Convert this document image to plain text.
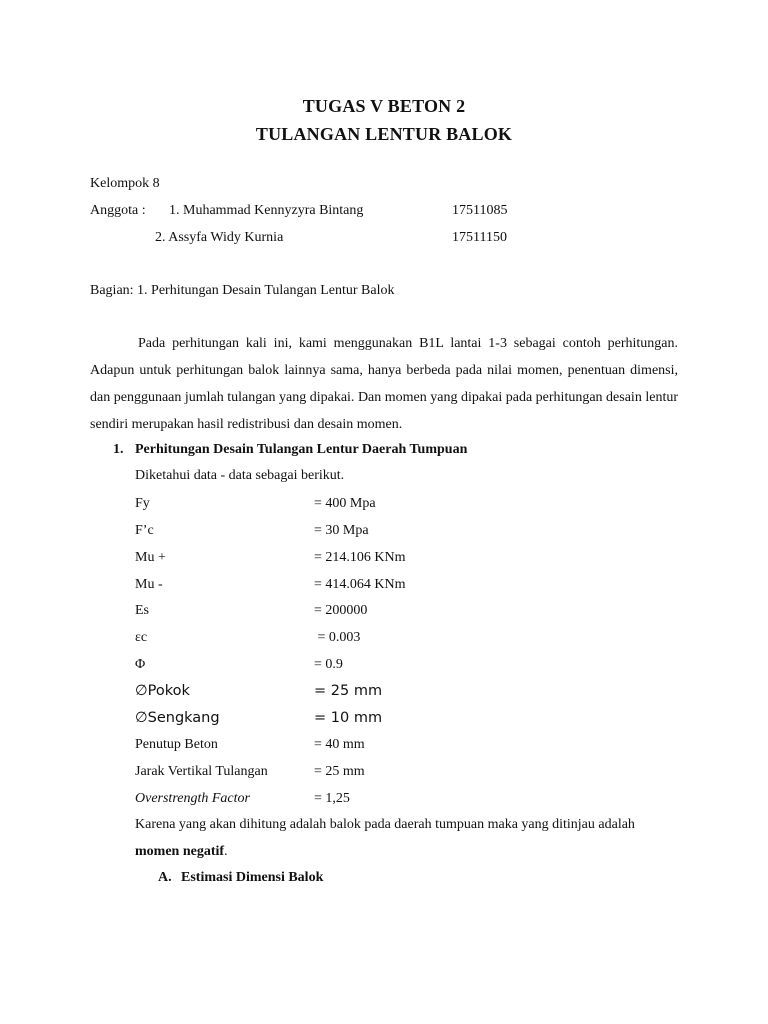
TUGAS V BETON 2
TULANGAN LENTUR BALOK
Kelompok 8
Anggota : 1. Muhammad Kennyzyra Bintang	17511085
2. Assyfa Widy Kurnia	17511150
Bagian: 1. Perhitungan Desain Tulangan Lentur Balok
Pada perhitungan kali ini, kami menggunakan B1L lantai 1-3 sebagai contoh perhitungan. Adapun untuk perhitungan balok lainnya sama, hanya berbeda pada nilai momen, penentuan dimensi, dan penggunaan jumlah tulangan yang dipakai. Dan momen yang dipakai pada perhitungan desain lentur sendiri merupakan hasil redistribusi dan desain momen.
1. Perhitungan Desain Tulangan Lentur Daerah Tumpuan
Diketahui data - data sebagai berikut.
Fy	= 400 Mpa
F’c	= 30 Mpa
Mu +	= 214.106 KNm
Mu -	= 414.064 KNm
Es	= 200000
εc	= 0.003
Φ	= 0.9
∅Pokok	= 25 mm
∅Sengkang	= 10 mm
Penutup Beton	= 40 mm
Jarak Vertikal Tulangan	= 25 mm
Overstrength Factor	= 1,25
Karena yang akan dihitung adalah balok pada daerah tumpuan maka yang ditinjau adalah
momen negatif.
A. Estimasi Dimensi Balok
